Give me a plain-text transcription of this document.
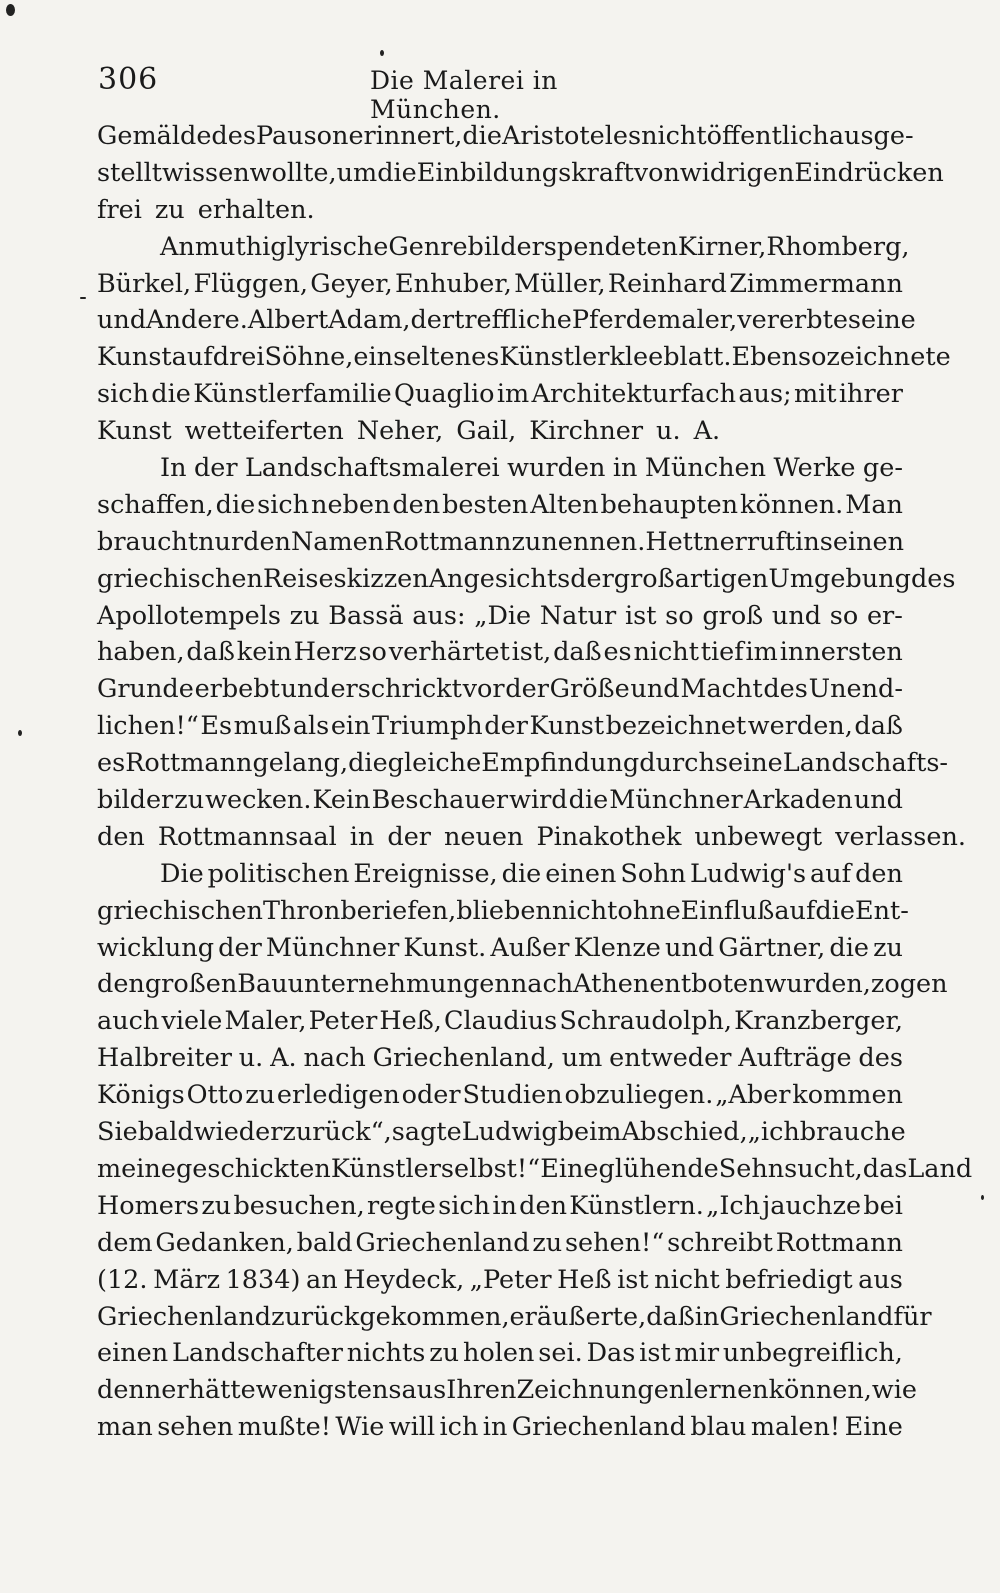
306	Die Malerei in München.
Gemälde des Pauson erinnert, die Aristoteles nicht öffentlich ausge-
stellt wissen wollte, um die Einbildungskraft von widrigen Eindrücken
frei zu erhalten.
Anmuthig lyrische Genrebilder spendeten Kirner, Rhomberg,
Bürkel, Flüggen, Geyer, Enhuber, Müller, Reinhard Zimmermann
und Andere. Albert Adam, der treffliche Pferdemaler, vererbte seine
Kunst auf drei Söhne, ein seltenes Künstlerkleeblatt. Ebenso zeichnete
sich die Künstlerfamilie Quaglio im Architekturfach aus; mit ihrer
Kunst wetteiferten Neher, Gail, Kirchner u. A.
In der Landschaftsmalerei wurden in München Werke ge-
schaffen, die sich neben den besten Alten behaupten können. Man
braucht nur den Namen Rottmann zu nennen. Hettner ruft in seinen
griechischen Reiseskizzen Angesichts der großartigen Umgebung des
Apollotempels zu Bassä aus: „Die Natur ist so groß und so er-
haben, daß kein Herz so verhärtet ist, daß es nicht tief im innersten
Grunde erbebt und erschrickt vor der Größe und Macht des Unend-
lichen!“ Es muß als ein Triumph der Kunst bezeichnet werden, daß
es Rottmann gelang, die gleiche Empfindung durch seine Landschafts-
bilder zu wecken. Kein Beschauer wird die Münchner Arkaden und
den Rottmannsaal in der neuen Pinakothek unbewegt verlassen.
Die politischen Ereignisse, die einen Sohn Ludwig's auf den
griechischen Thron beriefen, blieben nicht ohne Einfluß auf die Ent-
wicklung der Münchner Kunst. Außer Klenze und Gärtner, die zu
den großen Bauunternehmungen nach Athen entboten wurden, zogen
auch viele Maler, Peter Heß, Claudius Schraudolph, Kranzberger,
Halbreiter u. A. nach Griechenland, um entweder Aufträge des
Königs Otto zu erledigen oder Studien obzuliegen. „Aber kommen
Sie bald wieder zurück“, sagte Ludwig beim Abschied, „ich brauche
meine geschickten Künstler selbst!“ Eine glühende Sehnsucht, das Land
Homers zu besuchen, regte sich in den Künstlern. „Ich jauchze bei
dem Gedanken, bald Griechenland zu sehen!“ schreibt Rottmann
(12. März 1834) an Heydeck, „Peter Heß ist nicht befriedigt aus
Griechenland zurückgekommen, er äußerte, daß in Griechenland für
einen Landschafter nichts zu holen sei. Das ist mir unbegreiflich,
denn er hätte wenigstens aus Ihren Zeichnungen lernen können, wie
man sehen mußte! Wie will ich in Griechenland blau malen! Eine
